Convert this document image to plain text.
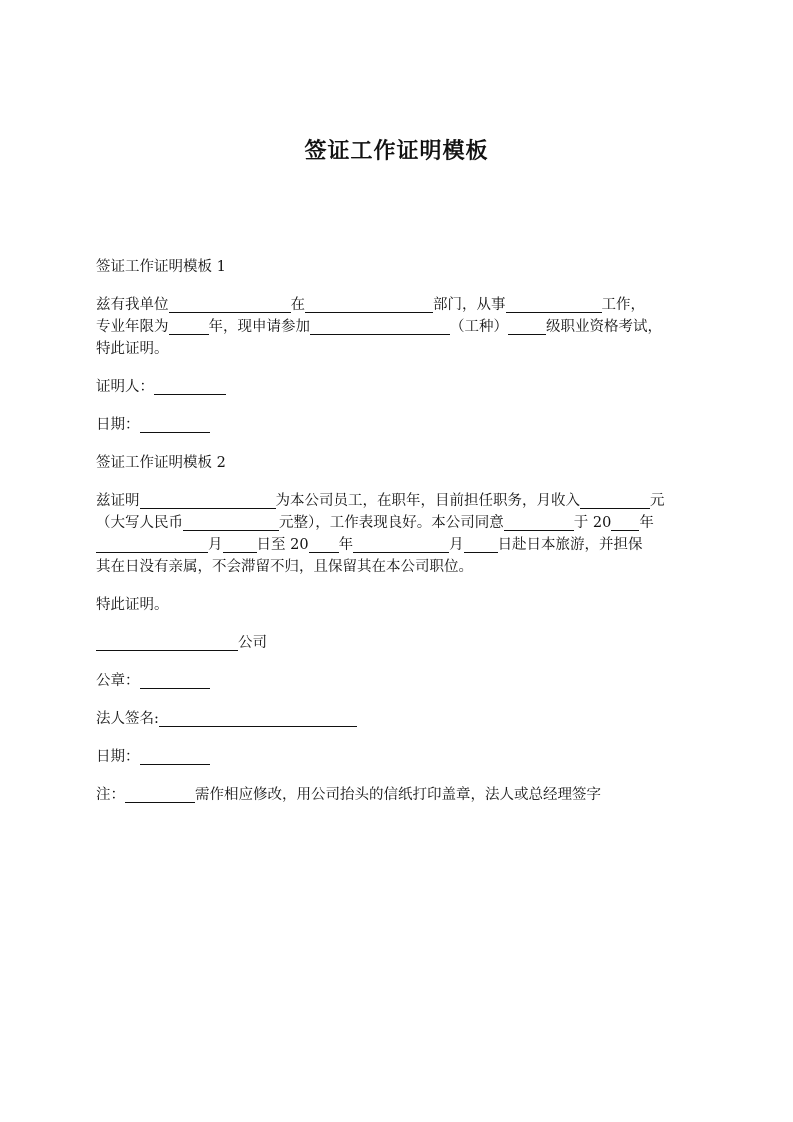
签证工作证明模板

签证工作证明模板 1

兹有我单位	在	部门，从事	工作，
专业年限为	年，现申请参加	（工种）	级职业资格考试，
特此证明。

证明人：

日期：

签证工作证明模板 2

兹证明	为本公司员工，在职年，目前担任职务，月收入	元
（大写人民币	元整），工作表现良好。本公司同意	于 20 年
月 日至 20 年	月 日赴日本旅游，并担保
其在日没有亲属，不会滞留不归，且保留其在本公司职位。

特此证明。

公司

公章：

法人签名:

日期：

注：	需作相应修改，用公司抬头的信纸打印盖章，法人或总经理签字
